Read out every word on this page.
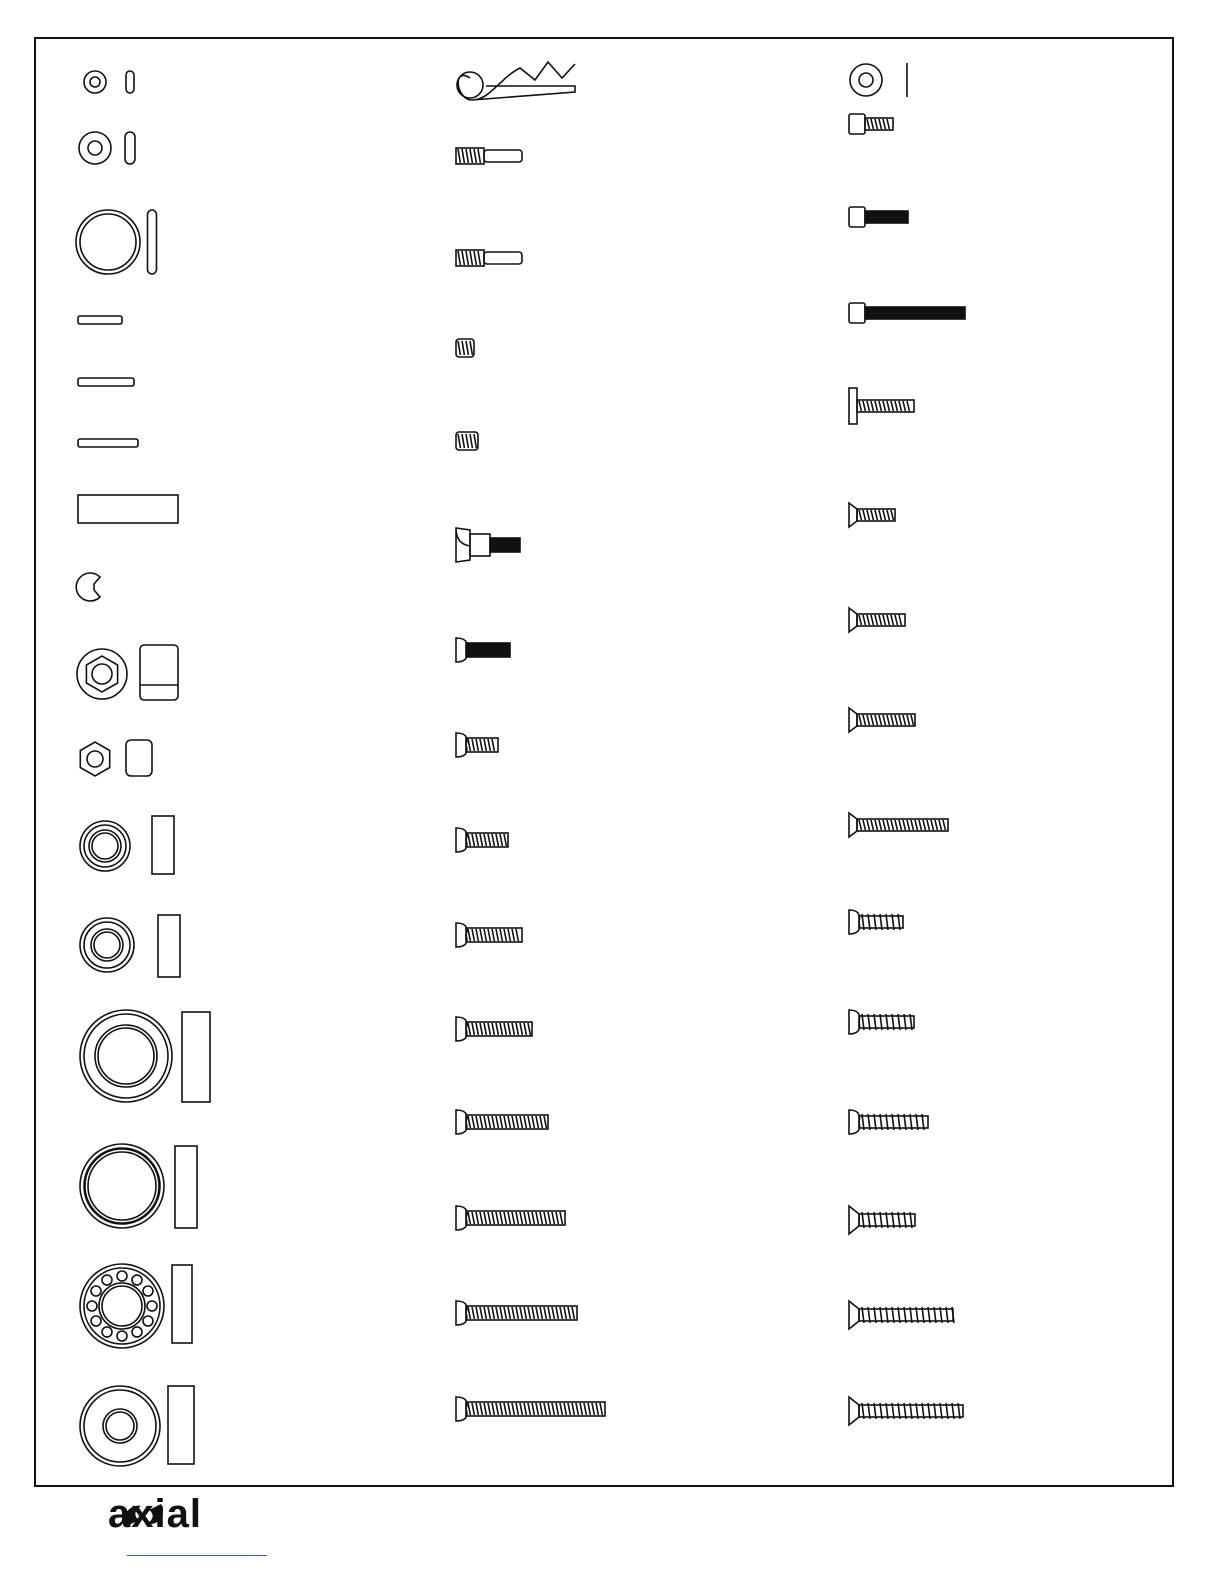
axial
